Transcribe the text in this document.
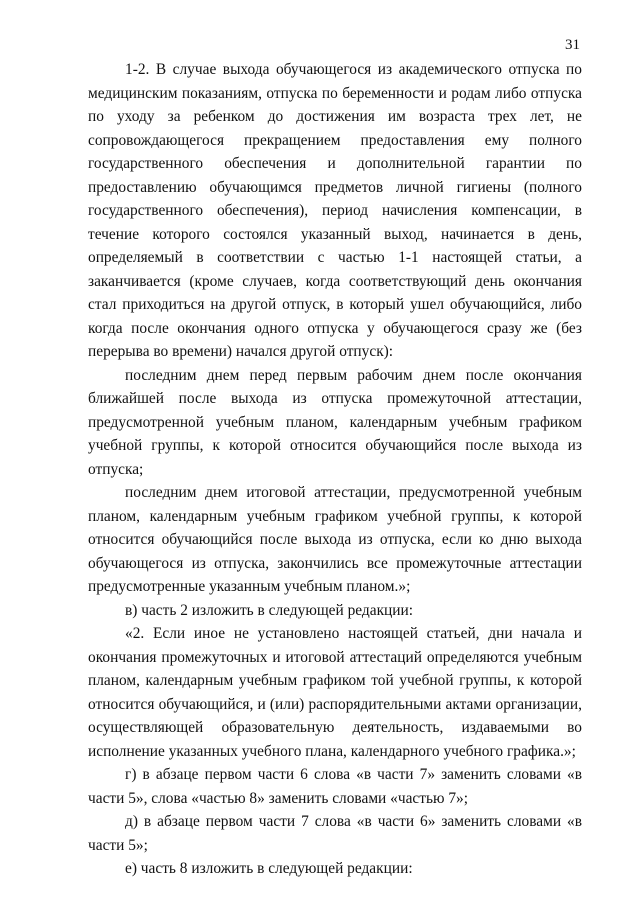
31

1-2. В случае выхода обучающегося из академического отпуска по медицинским показаниям, отпуска по беременности и родам либо отпуска по уходу за ребенком до достижения им возраста трех лет, не сопровождающегося прекращением предоставления ему полного государственного обеспечения и дополнительной гарантии по предоставлению обучающимся предметов личной гигиены (полного государственного обеспечения), период начисления компенсации, в течение которого состоялся указанный выход, начинается в день, определяемый в соответствии с частью 1-1 настоящей статьи, а заканчивается (кроме случаев, когда соответствующий день окончания стал приходиться на другой отпуск, в который ушел обучающийся, либо когда после окончания одного отпуска у обучающегося сразу же (без перерыва во времени) начался другой отпуск):

последним днем перед первым рабочим днем после окончания ближайшей после выхода из отпуска промежуточной аттестации, предусмотренной учебным планом, календарным учебным графиком учебной группы, к которой относится обучающийся после выхода из отпуска;

последним днем итоговой аттестации, предусмотренной учебным планом, календарным учебным графиком учебной группы, к которой относится обучающийся после выхода из отпуска, если ко дню выхода обучающегося из отпуска, закончились все промежуточные аттестации предусмотренные указанным учебным планом.»;

в) часть 2 изложить в следующей редакции:

«2. Если иное не установлено настоящей статьей, дни начала и окончания промежуточных и итоговой аттестаций определяются учебным планом, календарным учебным графиком той учебной группы, к которой относится обучающийся, и (или) распорядительными актами организации, осуществляющей образовательную деятельность, издаваемыми во исполнение указанных учебного плана, календарного учебного графика.»;

г) в абзаце первом части 6 слова «в части 7» заменить словами «в части 5», слова «частью 8» заменить словами «частью 7»;

д) в абзаце первом части 7 слова «в части 6» заменить словами «в части 5»;

е) часть 8 изложить в следующей редакции:
